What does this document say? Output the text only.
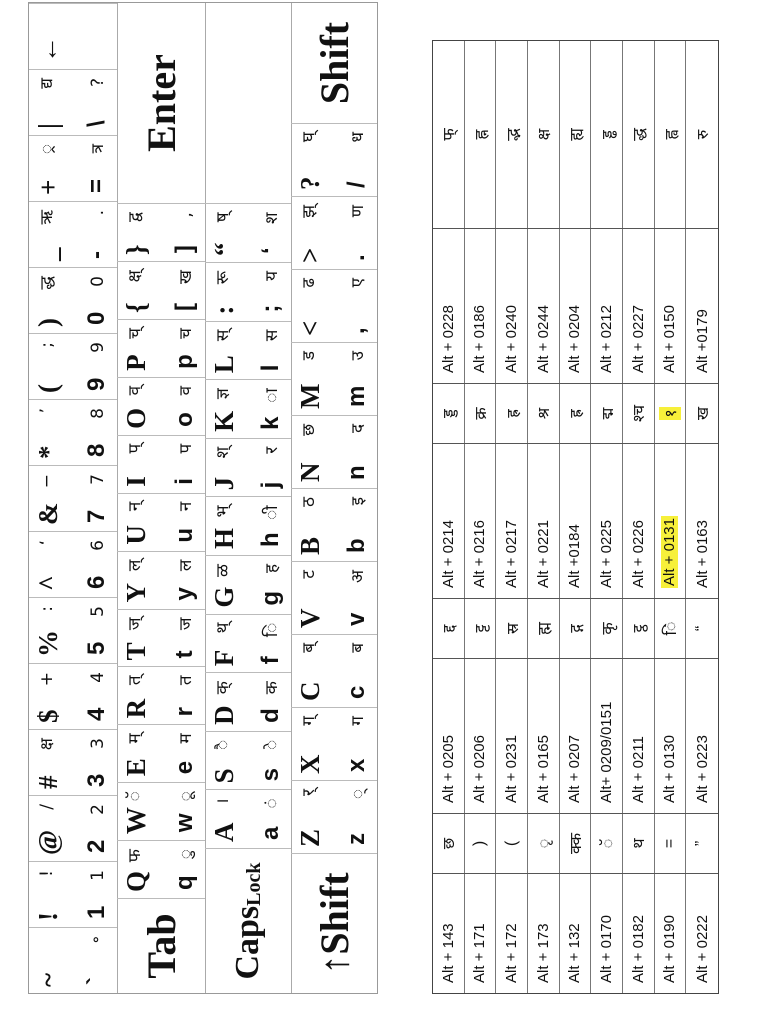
~ `
॰
!
!
1
1
@
/
2
2
#
क्ष
3
3
$
+
4
4
%
:
5
5
^
‘
6
6
&
−
7
7
*
’
8
8
(
;
9
9
)
द्ध
0
0
_
ऋ
-
.
+
्र
=
त्र
|
द्य
\
?
←
Tab
Q
फ
q
ु
W
ॅ
w
ू
E
म्
e
म
R
त्
r
त
T
ज्
t
ज
Y
ल्
y
ल
U
न्
u
न
I
प्
i
प
O
व्
o
व
P
च्
p
च
{
क्ष्
[
ख
}
द्व
]
,
Enter
Caps
Lock
A
।
a
ं
S
ै
s
े
D
क्
d
क
F
थ्
f
ि
G
ळ
g
ह
H
भ्
h
ी
J
श्
j
र
K
ज्ञ
k
ा
L
स्
l
स
:
रू
;
य
“
ष्
‘
श
↑Shift
Z
र्
z
्
X
ग्
x
ग
C
ब्
c
ब
V
ट
v
अ
B
ठ
b
इ
N
छ
n
द
M
ड
m
उ
<
ढ
,
ए
>
झ्
.
ण
?
घ्
/
ध
Shift
Alt + 143 Alt + 171 Alt + 172 Alt + 173 Alt + 132 Alt + 0170 Alt + 0182 Alt + 0190 Alt + 0222
छ ) ( ृ क्क ॅ थ = ”
Alt + 0205 Alt + 0206 Alt + 0231 Alt + 0165 Alt + 0207 Alt+ 0209/0151 Alt + 0211 Alt + 0130 Alt + 0223
द्द ट्ट स्र ह्म द्ग कृ ट्ठ िं “
Alt + 0214 Alt + 0216 Alt + 0217 Alt + 0221 Alt +0184 Alt + 0225 Alt + 0226 Alt + 0131 Alt + 0163
ड्ड क्र ह्र श्र ह्र द्म श्च १ ख
Alt + 0228 Alt + 0186 Alt + 0240 Alt + 0244 Alt + 0204 Alt + 0212 Alt + 0227 Alt + 0150 Alt +0179
फ् ह्न द्भ क्ष ह्य ड्ढ द्ध ह्व रु
